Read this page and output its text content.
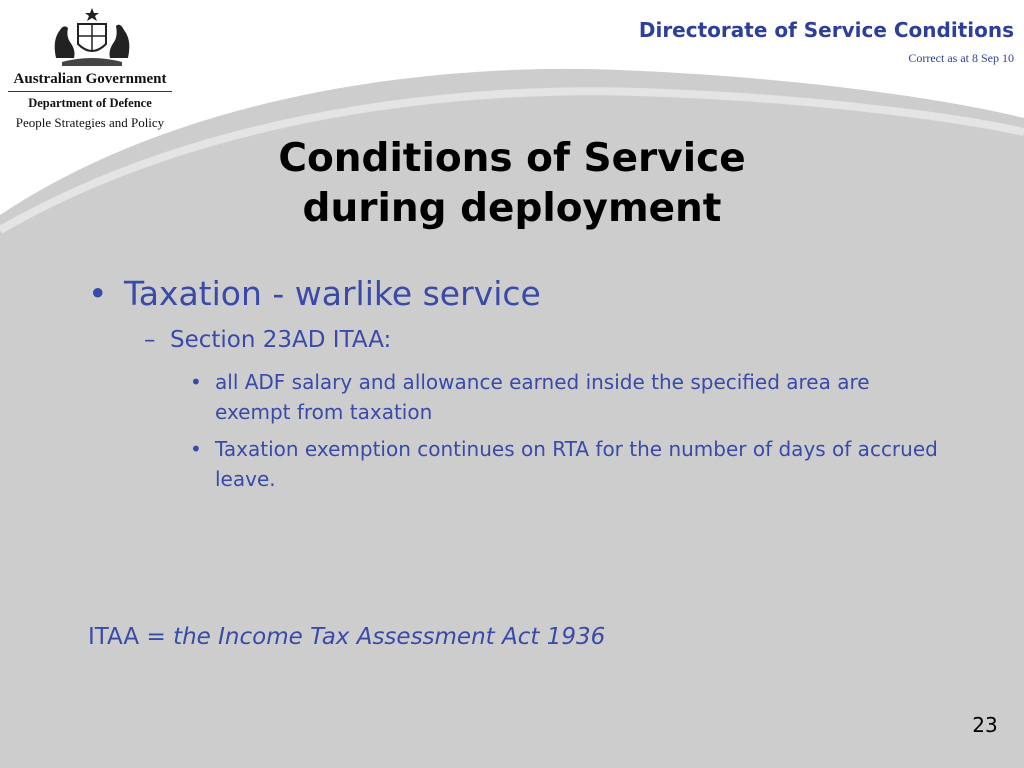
Australian Government
Department of Defence
People Strategies and Policy
Directorate of Service Conditions
Correct as at 8 Sep 10
Conditions of Service
during deployment
• Taxation - warlike service
– Section 23AD ITAA:
• all ADF salary and allowance earned inside the specified area are exempt from taxation
• Taxation exemption continues on RTA for the number of days of accrued leave.
ITAA = the Income Tax Assessment Act 1936
23
